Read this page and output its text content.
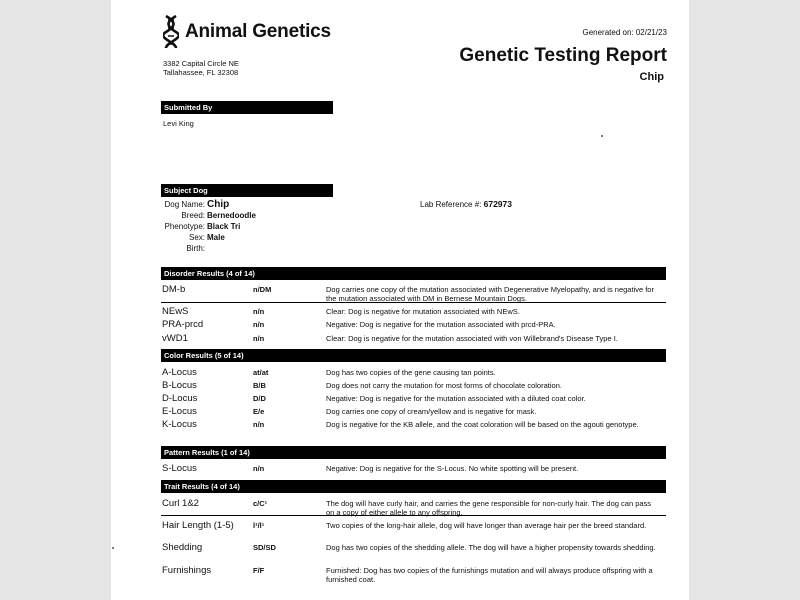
Animal Genetics
3382 Capital Circle NE
Tallahassee, FL 32308
Generated on: 02/21/23
Genetic Testing Report
Chip
Submitted By
Levi King
Subject Dog
Dog Name: Chip
Breed: Bernedoodle
Phenotype: Black Tri
Sex: Male
Birth:
Lab Reference #: 672973
Disorder Results (4 of 14)
DM-b	n/DM	Dog carries one copy of the mutation associated with Degenerative Myelopathy, and is negative for the mutation associated with DM in Bernese Mountain Dogs.
NEwS	n/n	Clear: Dog is negative for mutation associated with NEwS.
PRA-prcd	n/n	Negative: Dog is negative for the mutation associated with prcd-PRA.
vWD1	n/n	Clear: Dog is negative for the mutation associated with von Willebrand's Disease Type I.
Color Results (5 of 14)
A-Locus	at/at	Dog has two copies of the gene causing tan points.
B-Locus	B/B	Dog does not carry the mutation for most forms of chocolate coloration.
D-Locus	D/D	Negative: Dog is negative for the mutation associated with a diluted coat color.
E-Locus	E/e	Dog carries one copy of cream/yellow and is negative for mask.
K-Locus	n/n	Dog is negative for the KB allele, and the coat coloration will be based on the agouti genotype.
Pattern Results (1 of 14)
S-Locus	n/n	Negative: Dog is negative for the S-Locus. No white spotting will be present.
Trait Results (4 of 14)
Curl 1&2	c/C¹	The dog will have curly hair, and carries the gene responsible for non-curly hair. The dog can pass on a copy of either allele to any offspring.
Hair Length (1-5)	l¹/l¹	Two copies of the long-hair allele, dog will have longer than average hair per the breed standard.
Shedding	SD/SD	Dog has two copies of the shedding allele. The dog will have a higher propensity towards shedding.
Furnishings	F/F	Furnished: Dog has two copies of the furnishings mutation and will always produce offspring with a furnished coat.
